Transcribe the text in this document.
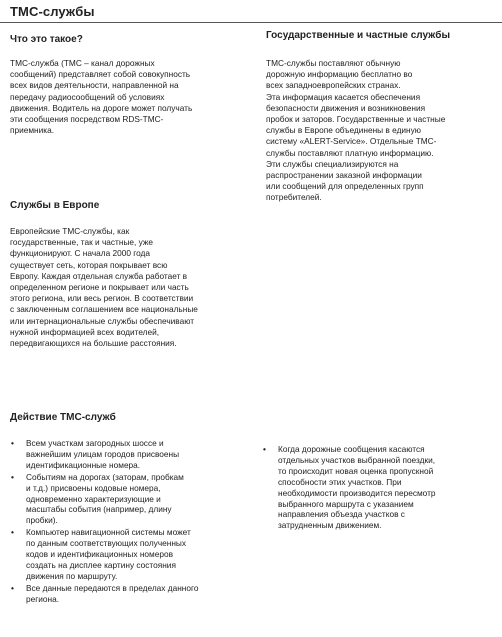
ТМС-службы
Что это такое?

ТМС-служба (ТМС – канал дорожных
сообщений) представляет собой совокупность
всех видов деятельности, направленной на
передачу радиосообщений об условиях
движения. Водитель на дороге может получать
эти сообщения посредством RDS-ТМС-
приемника.

Государственные и частные службы

ТМС-службы поставляют обычную
дорожную информацию бесплатно во
всех западноевропейских странах.
Эта информация касается обеспечения
безопасности движения и возникновения
пробок и заторов. Государственные и частные
службы в Европе объединены в единую
систему «ALERT-Service». Отдельные ТМС-
службы поставляют платную информацию.
Эти службы специализируются на
распространении заказной информации
или сообщений для определенных групп
потребителей.

Службы в Европе

Европейские ТМС-службы, как
государственные, так и частные, уже
функционируют. С начала 2000 года
существует сеть, которая покрывает всю
Европу. Каждая отдельная служба работает в
определенном регионе и покрывает или часть
этого региона, или весь регион. В соответствии
с заключенным соглашением все национальные
или интернациональные службы обеспечивают
нужной информацией всех водителей,
передвигающихся на большие расстояния.

Действие ТМС-служб
• Всем участкам загородных шоссе и
важнейшим улицам городов присвоены
идентификационные номера.
• Событиям на дорогах (заторам, пробкам
и т.д.) присвоены кодовые номера,
одновременно характеризующие и
масштабы события (например, длину
пробки).
• Компьютер навигационной системы может
по данным соответствующих полученных
кодов и идентификационных номеров
создать на дисплее картину состояния
движения по маршруту.
• Все данные передаются в пределах данного
региона.
• Когда дорожные сообщения касаются
отдельных участков выбранной поездки,
то происходит новая оценка пропускной
способности этих участков. При
необходимости производится пересмотр
выбранного маршрута с указанием
направления объезда участков с
затрудненным движением.
